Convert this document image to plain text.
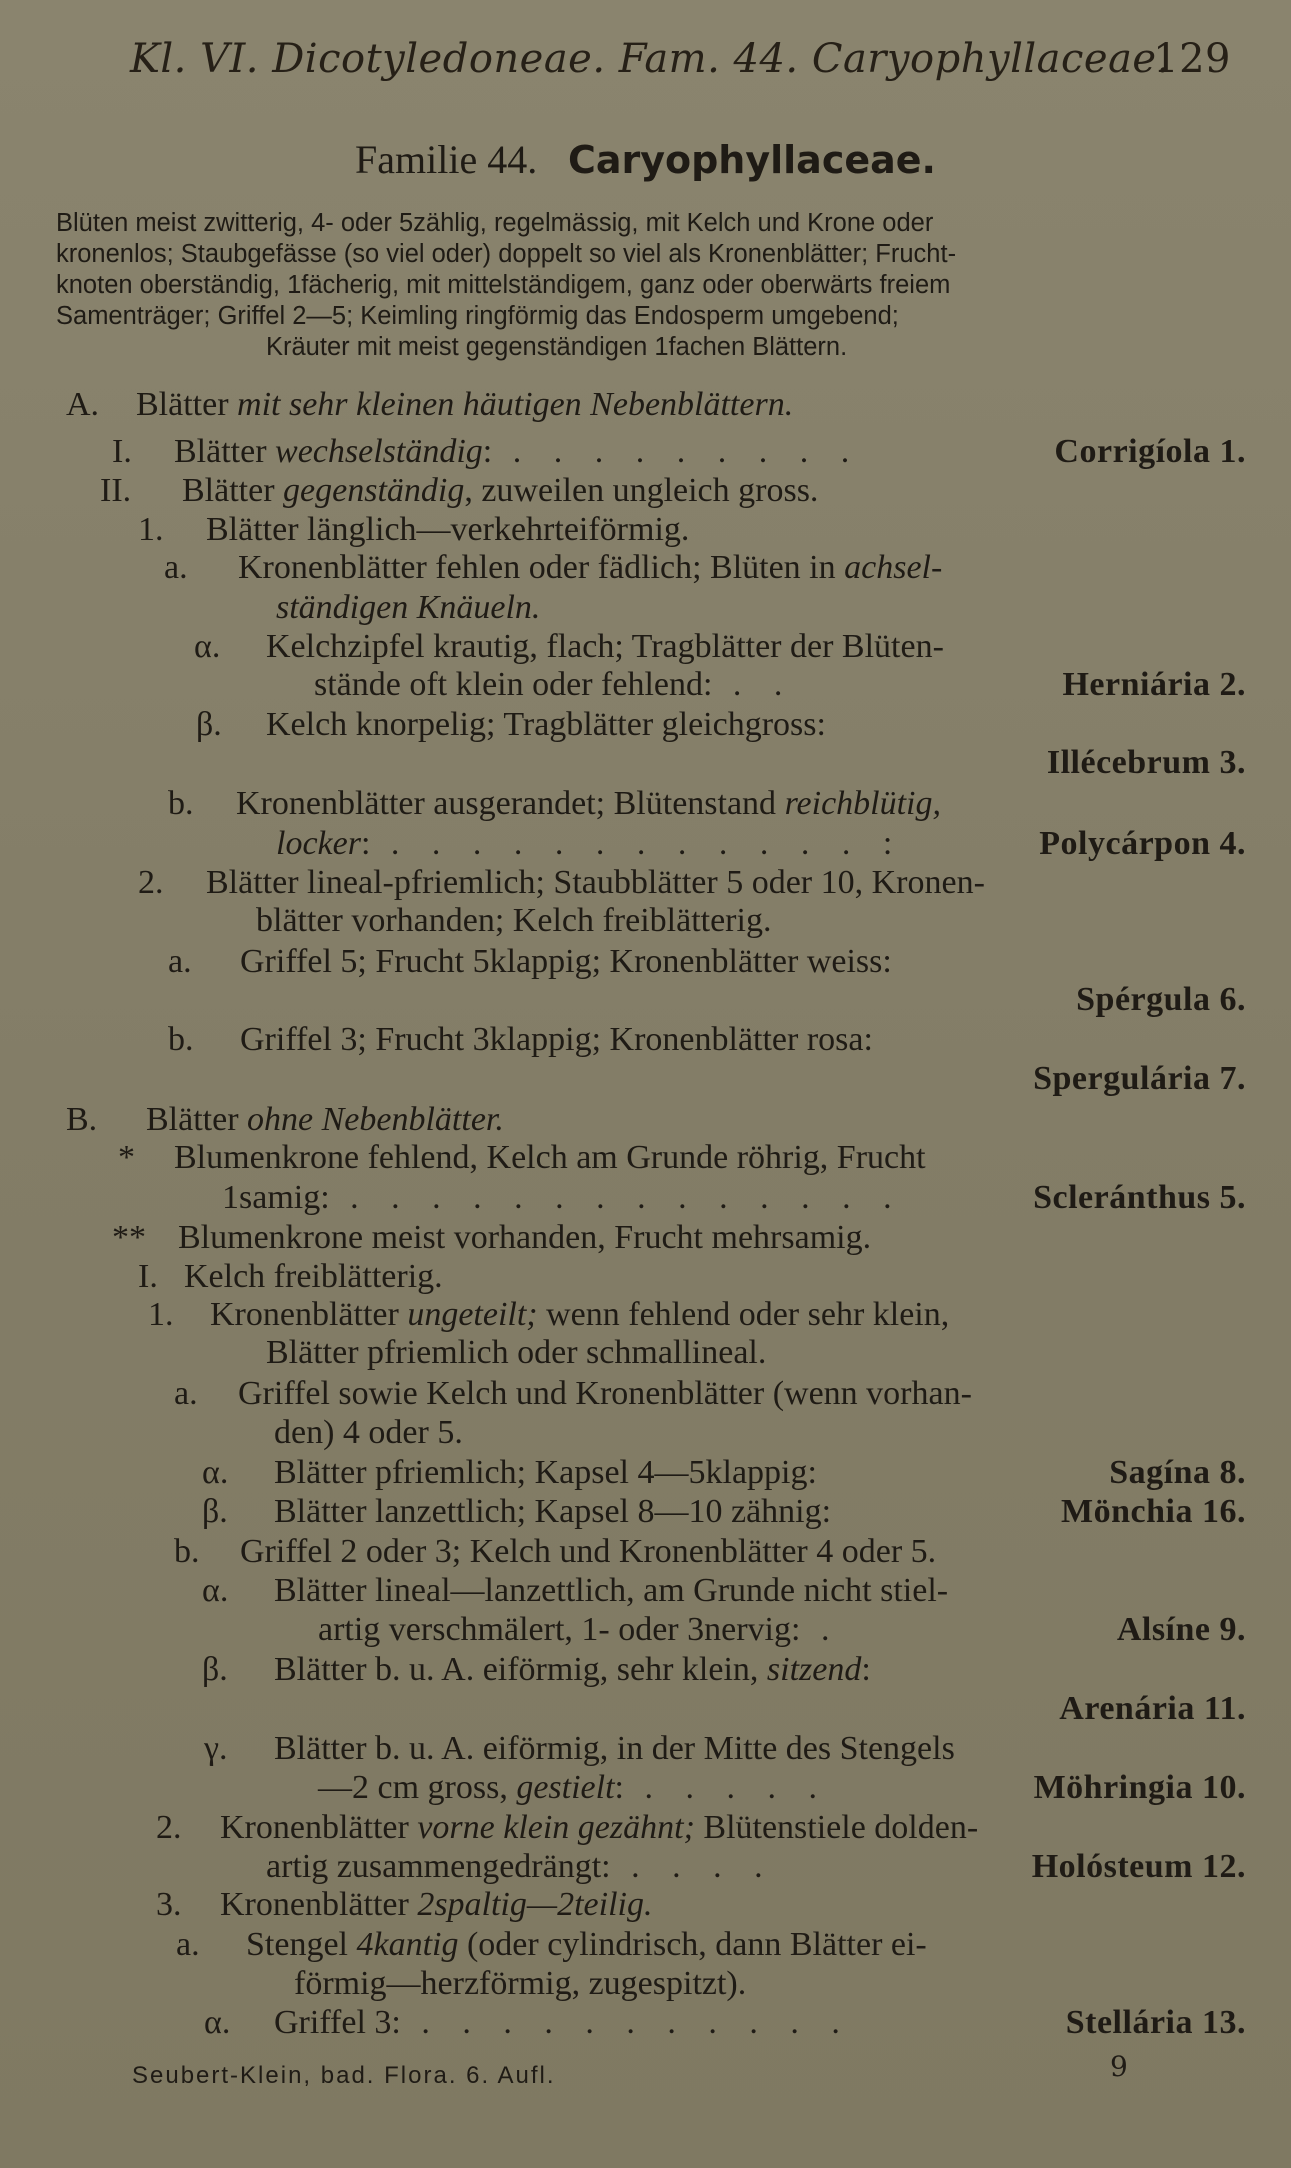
Kl. VI. Dicotyledoneae. Fam. 44. Caryophyllaceae.
129
Familie 44. Caryophyllaceae.
Blüten meist zwitterig, 4- oder 5zählig, regelmässig, mit Kelch und Krone oder
kronenlos; Staubgefässe (so viel oder) doppelt so viel als Kronenblätter; Frucht-
knoten oberständig, 1fächerig, mit mittelständigem, ganz oder oberwärts freiem
Samenträger; Griffel 2—5; Keimling ringförmig das Endosperm umgebend;
Kräuter mit meist gegenständigen 1fachen Blättern.
A. Blätter mit sehr kleinen häutigen Nebenblättern.
I. Blätter wechselständig: . . . . . . . . .	Corrigíola 1.
II. Blätter gegenständig, zuweilen ungleich gross.
1. Blätter länglich—verkehrteiförmig.
a. Kronenblätter fehlen oder fädlich; Blüten in achsel-
ständigen Knäueln.
α. Kelchzipfel krautig, flach; Tragblätter der Blüten-
stände oft klein oder fehlend: . .	Herniária 2.
β. Kelch knorpelig; Tragblätter gleichgross:
Illécebrum 3.
b. Kronenblätter ausgerandet; Blütenstand reichblütig,
locker: . . . . . . . . . . . . :	Polycárpon 4.
2. Blätter lineal-pfriemlich; Staubblätter 5 oder 10, Kronen-
blätter vorhanden; Kelch freiblätterig.
a. Griffel 5; Frucht 5klappig; Kronenblätter weiss:
Spérgula 6.
b. Griffel 3; Frucht 3klappig; Kronenblätter rosa:
Spergulária 7.
B. Blätter ohne Nebenblätter.
* Blumenkrone fehlend, Kelch am Grunde röhrig, Frucht
1samig: . . . . . . . . . . . . . .	Scleránthus 5.
** Blumenkrone meist vorhanden, Frucht mehrsamig.
I. Kelch freiblätterig.
1. Kronenblätter ungeteilt; wenn fehlend oder sehr klein,
Blätter pfriemlich oder schmallineal.
a. Griffel sowie Kelch und Kronenblätter (wenn vorhan-
den) 4 oder 5.
α. Blätter pfriemlich; Kapsel 4—5klappig:	Sagína 8.
β. Blätter lanzettlich; Kapsel 8—10 zähnig:	Mönchia 16.
b. Griffel 2 oder 3; Kelch und Kronenblätter 4 oder 5.
α. Blätter lineal—lanzettlich, am Grunde nicht stiel-
artig verschmälert, 1- oder 3nervig: .	Alsíne 9.
β. Blätter b. u. A. eiförmig, sehr klein, sitzend:
Arenária 11.
γ. Blätter b. u. A. eiförmig, in der Mitte des Stengels
—2 cm gross, gestielt: . . . . .	Möhringia 10.
2. Kronenblätter vorne klein gezähnt; Blütenstiele dolden-
artig zusammengedrängt: . . . .	Holósteum 12.
3. Kronenblätter 2spaltig—2teilig.
a. Stengel 4kantig (oder cylindrisch, dann Blätter ei-
förmig—herzförmig, zugespitzt).
α. Griffel 3: . . . . . . . . . . .	Stellária 13.
Seubert-Klein, bad. Flora. 6. Aufl.	9
